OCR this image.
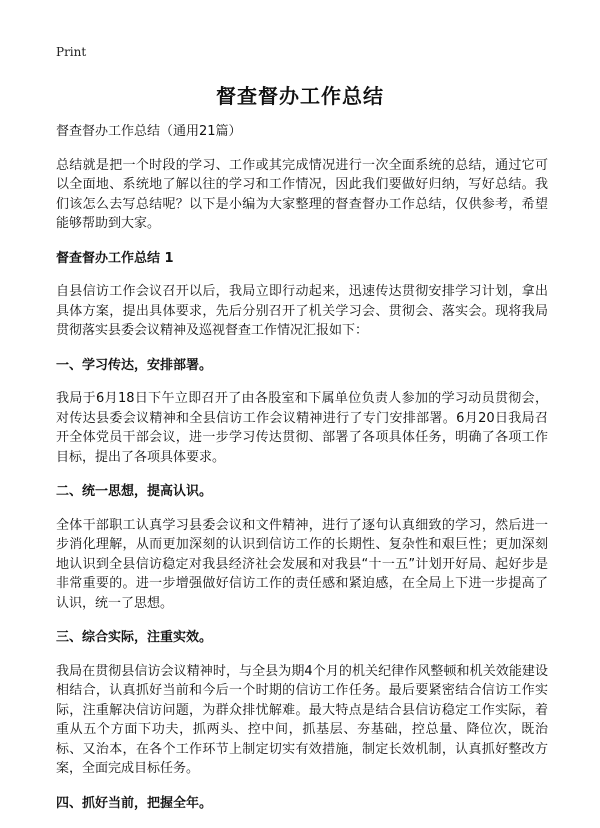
Print
督查督办工作总结

督查督办工作总结（通用21篇）

总结就是把一个时段的学习、工作或其完成情况进行一次全面系统的总结，通过它可以全面地、系统地了解以往的学习和工作情况，因此我们要做好归纳，写好总结。我们该怎么去写总结呢？以下是小编为大家整理的督查督办工作总结，仅供参考，希望能够帮助到大家。

督查督办工作总结 1

自县信访工作会议召开以后，我局立即行动起来，迅速传达贯彻安排学习计划，拿出具体方案，提出具体要求，先后分别召开了机关学习会、贯彻会、落实会。现将我局贯彻落实县委会议精神及巡视督查工作情况汇报如下：

一、学习传达，安排部署。

我局于6月18日下午立即召开了由各股室和下属单位负责人参加的学习动员贯彻会，对传达县委会议精神和全县信访工作会议精神进行了专门安排部署。6月20日我局召开全体党员干部会议，进一步学习传达贯彻、部署了各项具体任务，明确了各项工作目标，提出了各项具体要求。

二、统一思想，提高认识。

全体干部职工认真学习县委会议和文件精神，进行了逐句认真细致的学习，然后进一步消化理解，从而更加深刻的认识到信访工作的长期性、复杂性和艰巨性；更加深刻地认识到全县信访稳定对我县经济社会发展和对我县“十一五”计划开好局、起好步是非常重要的。进一步增强做好信访工作的责任感和紧迫感，在全局上下进一步提高了认识，统一了思想。

三、综合实际，注重实效。

我局在贯彻县信访会议精神时，与全县为期4个月的机关纪律作风整顿和机关效能建设相结合，认真抓好当前和今后一个时期的信访工作任务。最后要紧密结合信访工作实际，注重解决信访问题，为群众排忧解难。最大特点是结合县信访稳定工作实际，着重从五个方面下功夫，抓两头、控中间，抓基层、夯基础，控总量、降位次，既治标、又治本，在各个工作环节上制定切实有效措施，制定长效机制，认真抓好整改方案，全面完成目标任务。

四、抓好当前，把握全年。
